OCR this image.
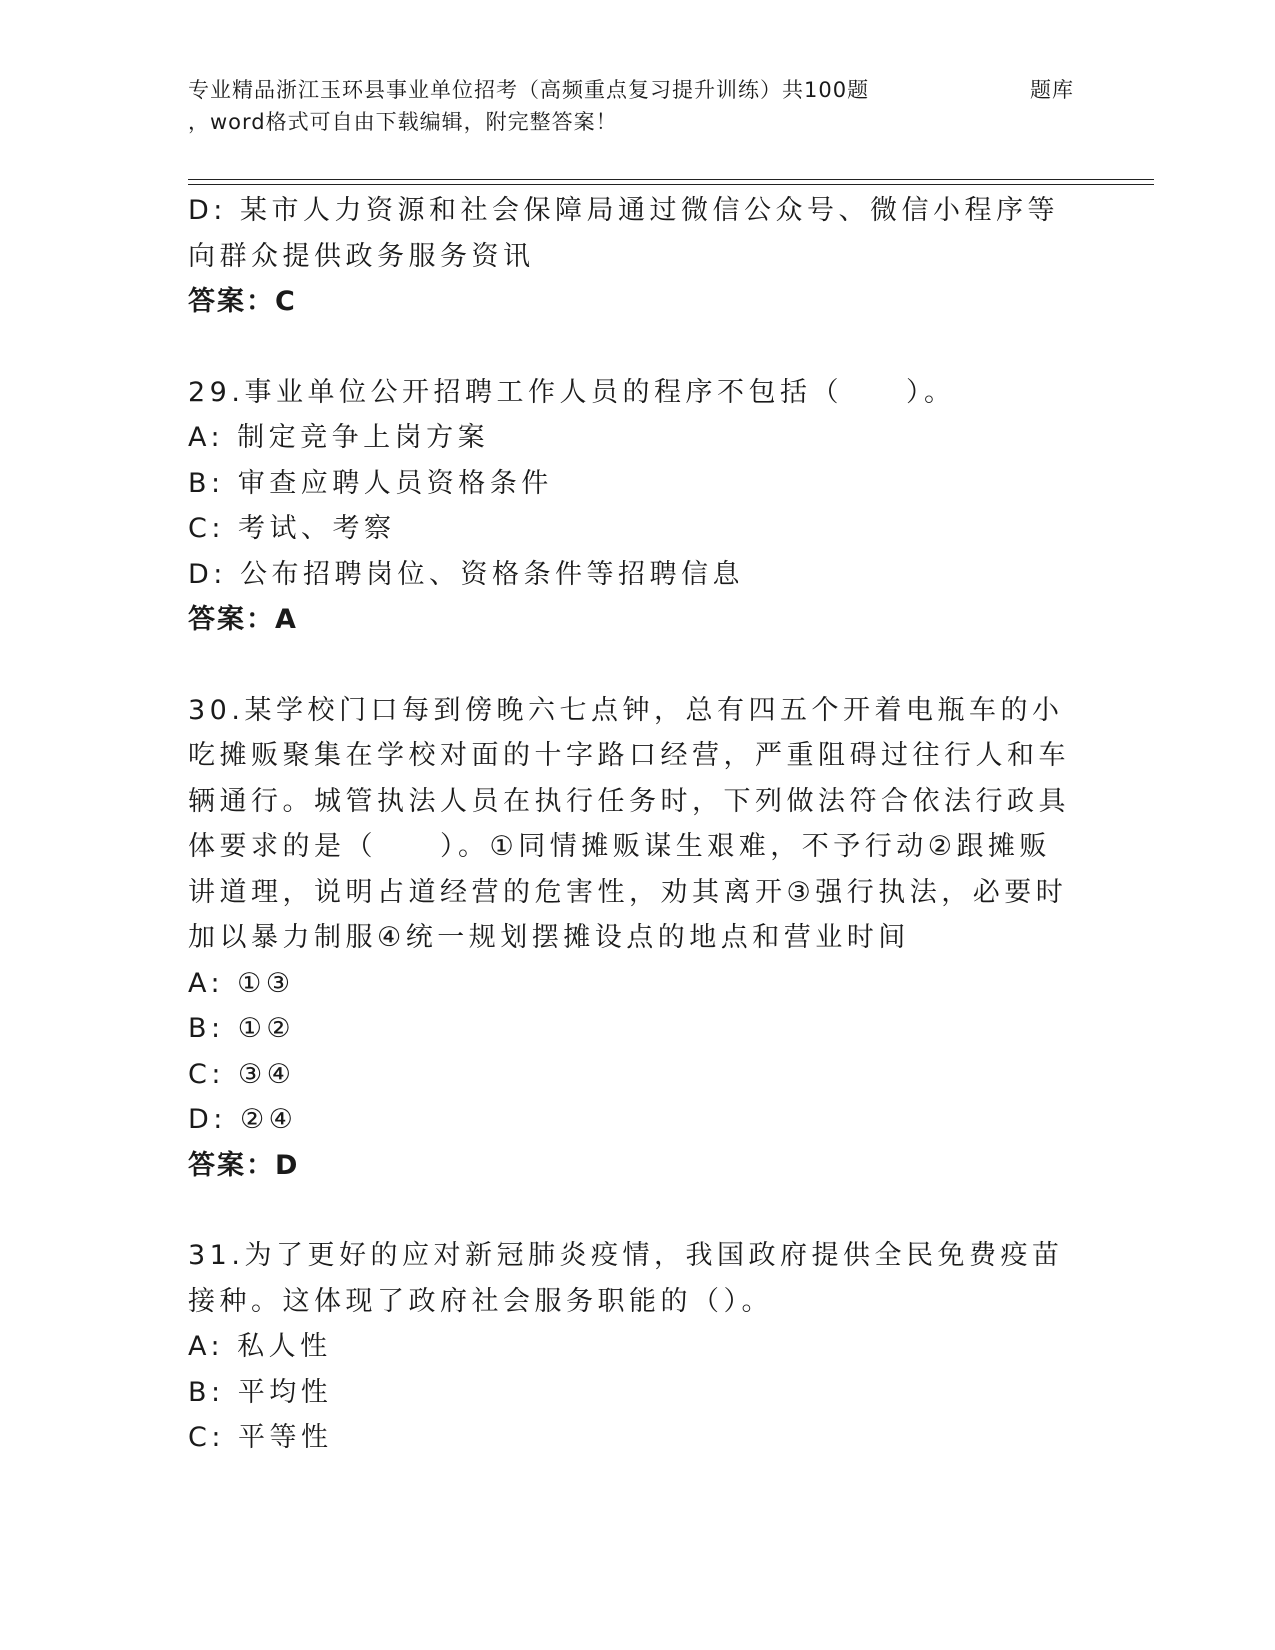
专业精品浙江玉环县事业单位招考（高频重点复习提升训练）共100题	题库
，word格式可自由下载编辑，附完整答案！

D: 某市人力资源和社会保障局通过微信公众号、微信小程序等向群众提供政务服务资讯

答案：C

29.事业单位公开招聘工作人员的程序不包括（　　）。

A: 制定竞争上岗方案

B: 审查应聘人员资格条件

C: 考试、考察

D: 公布招聘岗位、资格条件等招聘信息

答案：A

30.某学校门口每到傍晚六七点钟，总有四五个开着电瓶车的小吃摊贩聚集在学校对面的十字路口经营，严重阻碍过往行人和车辆通行。城管执法人员在执行任务时，下列做法符合依法行政具体要求的是（　　）。①同情摊贩谋生艰难，不予行动②跟摊贩讲道理，说明占道经营的危害性，劝其离开③强行执法，必要时加以暴力制服④统一规划摆摊设点的地点和营业时间

A: ①③

B: ①②

C: ③④

D: ②④

答案：D

31.为了更好的应对新冠肺炎疫情，我国政府提供全民免费疫苗接种。这体现了政府社会服务职能的（）。

A: 私人性

B: 平均性

C: 平等性
